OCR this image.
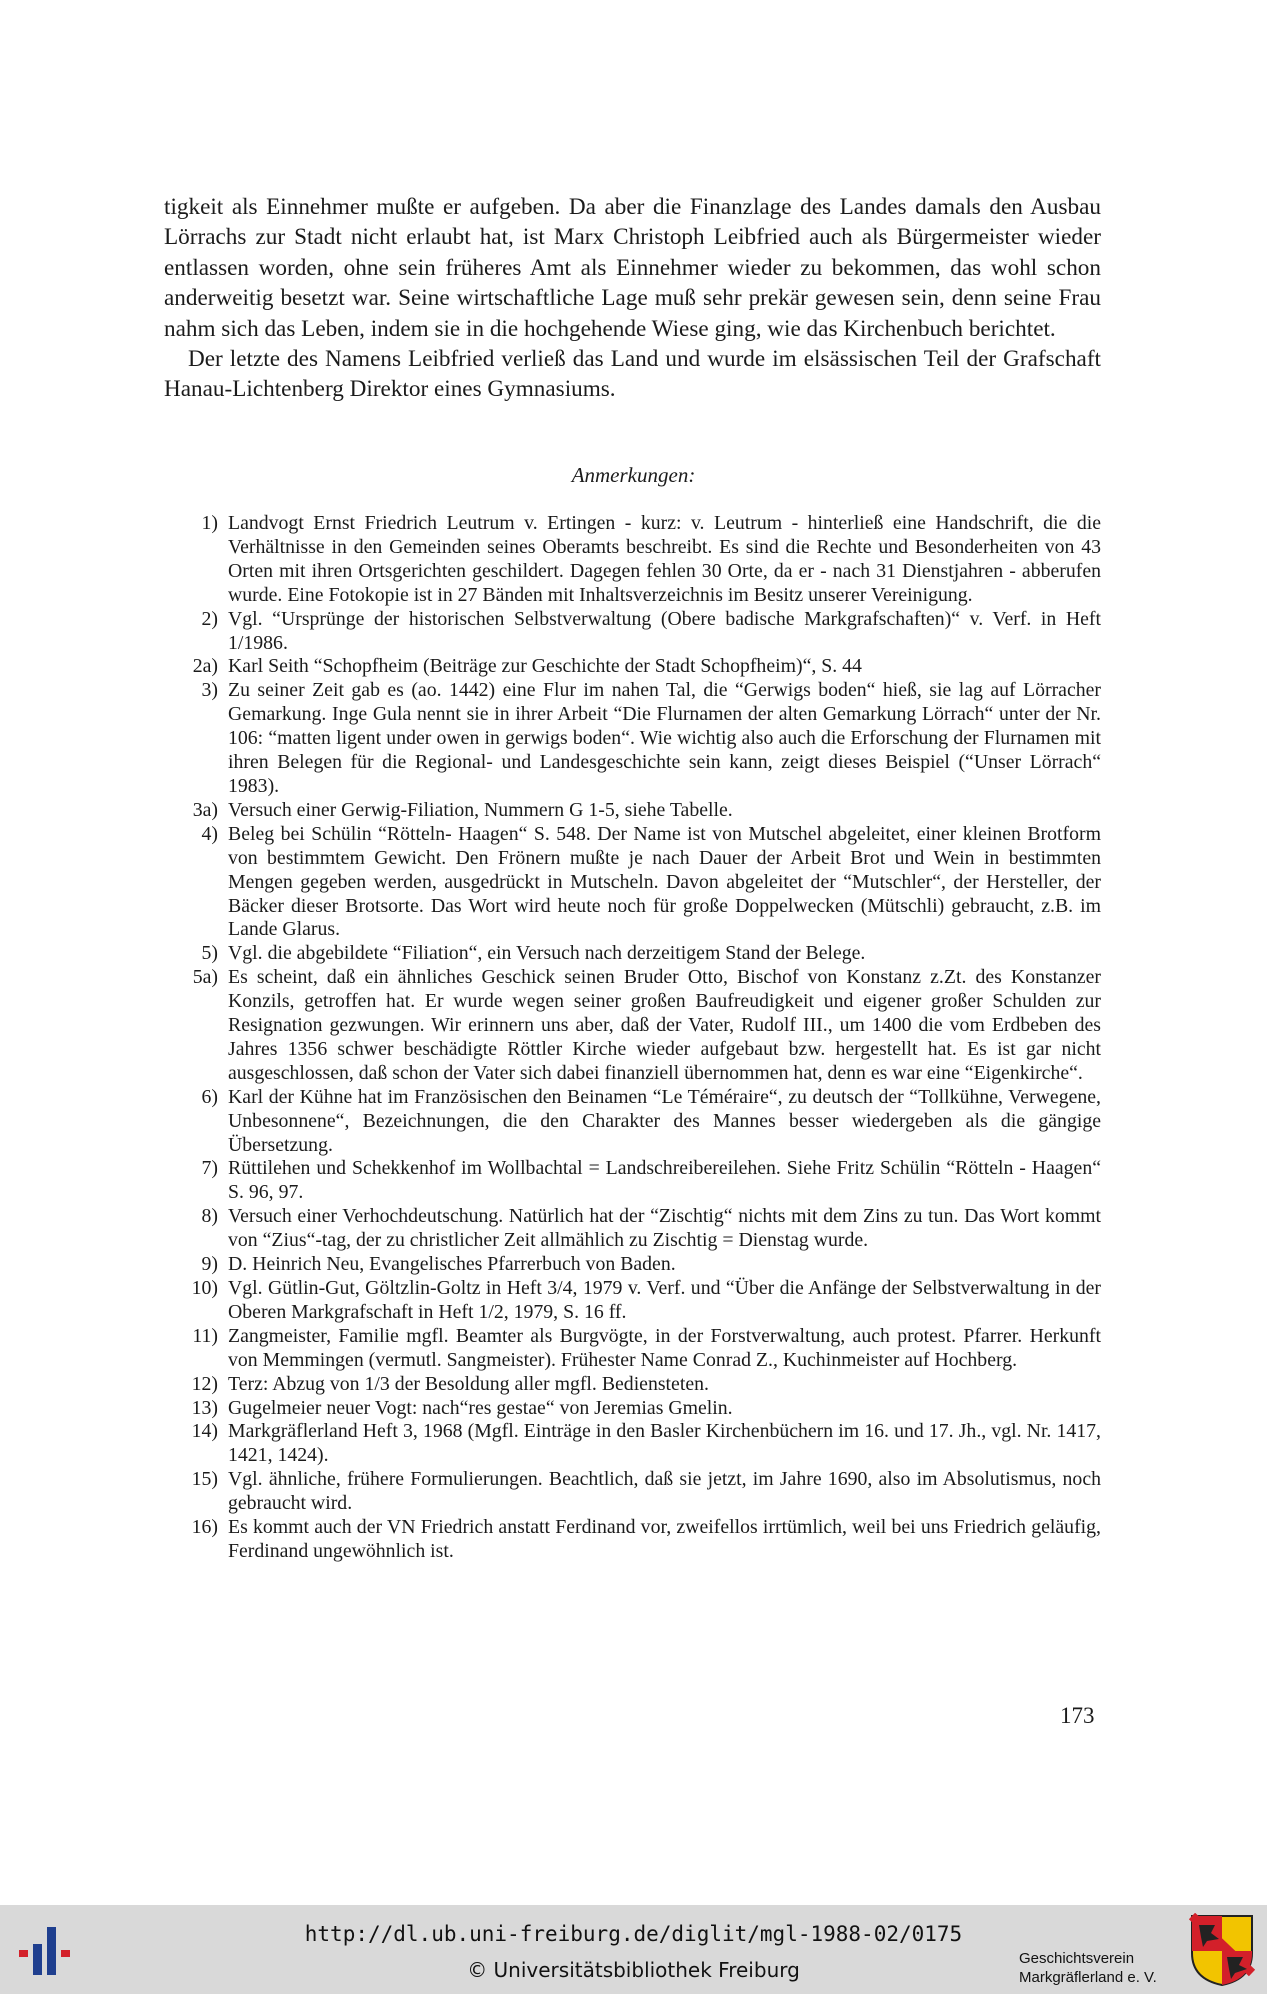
tigkeit als Einnehmer mußte er aufgeben. Da aber die Finanzlage des Landes damals den Ausbau Lörrachs zur Stadt nicht erlaubt hat, ist Marx Christoph Leibfried auch als Bürgermeister wieder entlassen worden, ohne sein früheres Amt als Einnehmer wieder zu bekommen, das wohl schon anderweitig besetzt war. Seine wirtschaftliche Lage muß sehr prekär gewesen sein, denn seine Frau nahm sich das Leben, indem sie in die hochgehende Wiese ging, wie das Kirchenbuch berichtet.

Der letzte des Namens Leibfried verließ das Land und wurde im elsässischen Teil der Grafschaft Hanau-Lichtenberg Direktor eines Gymnasiums.

Anmerkungen:
1) Landvogt Ernst Friedrich Leutrum v. Ertingen - kurz: v. Leutrum - hinterließ eine Handschrift, die die Verhältnisse in den Gemeinden seines Oberamts beschreibt. Es sind die Rechte und Besonderheiten von 43 Orten mit ihren Ortsgerichten geschildert. Dagegen fehlen 30 Orte, da er - nach 31 Dienstjahren - abberufen wurde. Eine Fotokopie ist in 27 Bänden mit Inhaltsverzeichnis im Besitz unserer Vereinigung.
2) Vgl. “Ursprünge der historischen Selbstverwaltung (Obere badische Markgrafschaften)“ v. Verf. in Heft 1/1986.
2a) Karl Seith “Schopfheim (Beiträge zur Geschichte der Stadt Schopfheim)“, S. 44
3) Zu seiner Zeit gab es (ao. 1442) eine Flur im nahen Tal, die “Gerwigs boden“ hieß, sie lag auf Lörracher Gemarkung. Inge Gula nennt sie in ihrer Arbeit “Die Flurnamen der alten Gemarkung Lörrach“ unter der Nr. 106: “matten ligent under owen in gerwigs boden“. Wie wichtig also auch die Erforschung der Flurnamen mit ihren Belegen für die Regional- und Landesgeschichte sein kann, zeigt dieses Beispiel (“Unser Lörrach“ 1983).
3a) Versuch einer Gerwig-Filiation, Nummern G 1-5, siehe Tabelle.
4) Beleg bei Schülin “Rötteln- Haagen“ S. 548. Der Name ist von Mutschel abgeleitet, einer kleinen Brotform von bestimmtem Gewicht. Den Frönern mußte je nach Dauer der Arbeit Brot und Wein in bestimmten Mengen gegeben werden, ausgedrückt in Mutscheln. Davon abgeleitet der “Mutschler“, der Hersteller, der Bäcker dieser Brotsorte. Das Wort wird heute noch für große Doppelwecken (Mütschli) gebraucht, z.B. im Lande Glarus.
5) Vgl. die abgebildete “Filiation“, ein Versuch nach derzeitigem Stand der Belege.
5a) Es scheint, daß ein ähnliches Geschick seinen Bruder Otto, Bischof von Konstanz z.Zt. des Konstanzer Konzils, getroffen hat. Er wurde wegen seiner großen Baufreudigkeit und eigener großer Schulden zur Resignation gezwungen. Wir erinnern uns aber, daß der Vater, Rudolf III., um 1400 die vom Erdbeben des Jahres 1356 schwer beschädigte Röttler Kirche wieder aufgebaut bzw. hergestellt hat. Es ist gar nicht ausgeschlossen, daß schon der Vater sich dabei finanziell übernommen hat, denn es war eine “Eigenkirche“.
6) Karl der Kühne hat im Französischen den Beinamen “Le Téméraire“, zu deutsch der “Tollkühne, Verwegene, Unbesonnene“, Bezeichnungen, die den Charakter des Mannes besser wiedergeben als die gängige Übersetzung.
7) Rüttilehen und Schekkenhof im Wollbachtal = Landschreibereilehen. Siehe Fritz Schülin “Rötteln - Haagen“ S. 96, 97.
8) Versuch einer Verhochdeutschung. Natürlich hat der “Zischtig“ nichts mit dem Zins zu tun. Das Wort kommt von “Zius“-tag, der zu christlicher Zeit allmählich zu Zischtig = Dienstag wurde.
9) D. Heinrich Neu, Evangelisches Pfarrerbuch von Baden.
10) Vgl. Gütlin-Gut, Göltzlin-Goltz in Heft 3/4, 1979 v. Verf. und “Über die Anfänge der Selbstverwaltung in der Oberen Markgrafschaft in Heft 1/2, 1979, S. 16 ff.
11) Zangmeister, Familie mgfl. Beamter als Burgvögte, in der Forstverwaltung, auch protest. Pfarrer. Herkunft von Memmingen (vermutl. Sangmeister). Frühester Name Conrad Z., Kuchinmeister auf Hochberg.
12) Terz: Abzug von 1/3 der Besoldung aller mgfl. Bediensteten.
13) Gugelmeier neuer Vogt: nach“res gestae“ von Jeremias Gmelin.
14) Markgräflerland Heft 3, 1968 (Mgfl. Einträge in den Basler Kirchenbüchern im 16. und 17. Jh., vgl. Nr. 1417, 1421, 1424).
15) Vgl. ähnliche, frühere Formulierungen. Beachtlich, daß sie jetzt, im Jahre 1690, also im Absolutismus, noch gebraucht wird.
16) Es kommt auch der VN Friedrich anstatt Ferdinand vor, zweifellos irrtümlich, weil bei uns Friedrich geläufig, Ferdinand ungewöhnlich ist.
173
http://dl.ub.uni-freiburg.de/diglit/mgl-1988-02/0175
© Universitätsbibliothek Freiburg	Geschichtsverein
Markgräflerland e. V.
